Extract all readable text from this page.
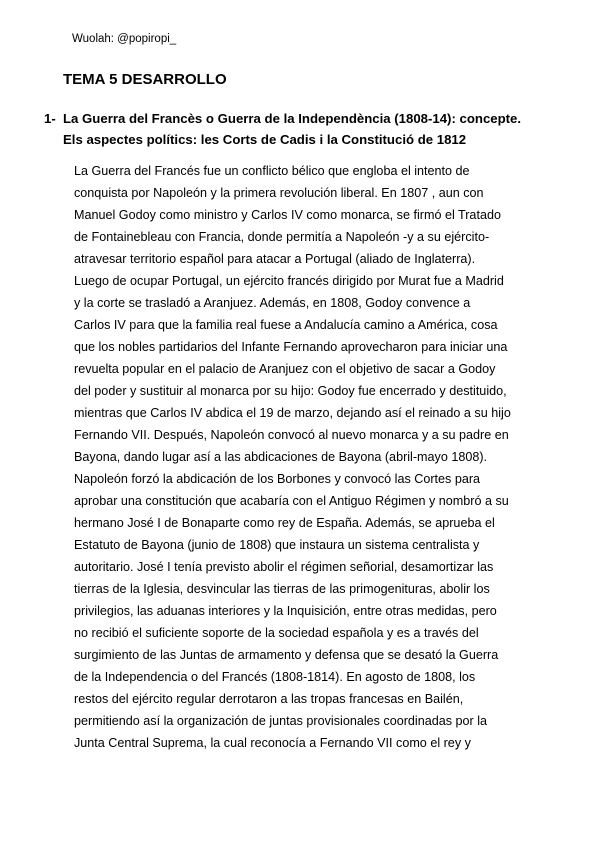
Wuolah: @popiropi_
TEMA 5 DESARROLLO
1- La Guerra del Francès o Guerra de la Independència (1808-14): concepte.
Els aspectes polítics: les Corts de Cadis i la Constitució de 1812
La Guerra del Francés fue un conflicto bélico que engloba el intento de
conquista por Napoleón y la primera revolución liberal. En 1807 , aun con
Manuel Godoy como ministro y Carlos IV como monarca, se firmó el Tratado
de Fontainebleau con Francia, donde permitía a Napoleón -y a su ejército-
atravesar territorio español para atacar a Portugal (aliado de Inglaterra).
Luego de ocupar Portugal, un ejército francés dirigido por Murat fue a Madrid
y la corte se trasladó a Aranjuez. Además, en 1808, Godoy convence a
Carlos IV para que la familia real fuese a Andalucía camino a América, cosa
que los nobles partidarios del Infante Fernando aprovecharon para iniciar una
revuelta popular en el palacio de Aranjuez con el objetivo de sacar a Godoy
del poder y sustituir al monarca por su hijo: Godoy fue encerrado y destituido,
mientras que Carlos IV abdica el 19 de marzo, dejando así el reinado a su hijo
Fernando VII. Después, Napoleón convocó al nuevo monarca y a su padre en
Bayona, dando lugar así a las abdicaciones de Bayona (abril-mayo 1808).
Napoleón forzó la abdicación de los Borbones y convocó las Cortes para
aprobar una constitución que acabaría con el Antiguo Régimen y nombró a su
hermano José I de Bonaparte como rey de España. Además, se aprueba el
Estatuto de Bayona (junio de 1808) que instaura un sistema centralista y
autoritario. José I tenía previsto abolir el régimen señorial, desamortizar las
tierras de la Iglesia, desvincular las tierras de las primogenituras, abolir los
privilegios, las aduanas interiores y la Inquisición, entre otras medidas, pero
no recibió el suficiente soporte de la sociedad española y es a través del
surgimiento de las Juntas de armamento y defensa que se desató la Guerra
de la Independencia o del Francés (1808-1814). En agosto de 1808, los
restos del ejército regular derrotaron a las tropas francesas en Bailén,
permitiendo así la organización de juntas provisionales coordinadas por la
Junta Central Suprema, la cual reconocía a Fernando VII como el rey y
